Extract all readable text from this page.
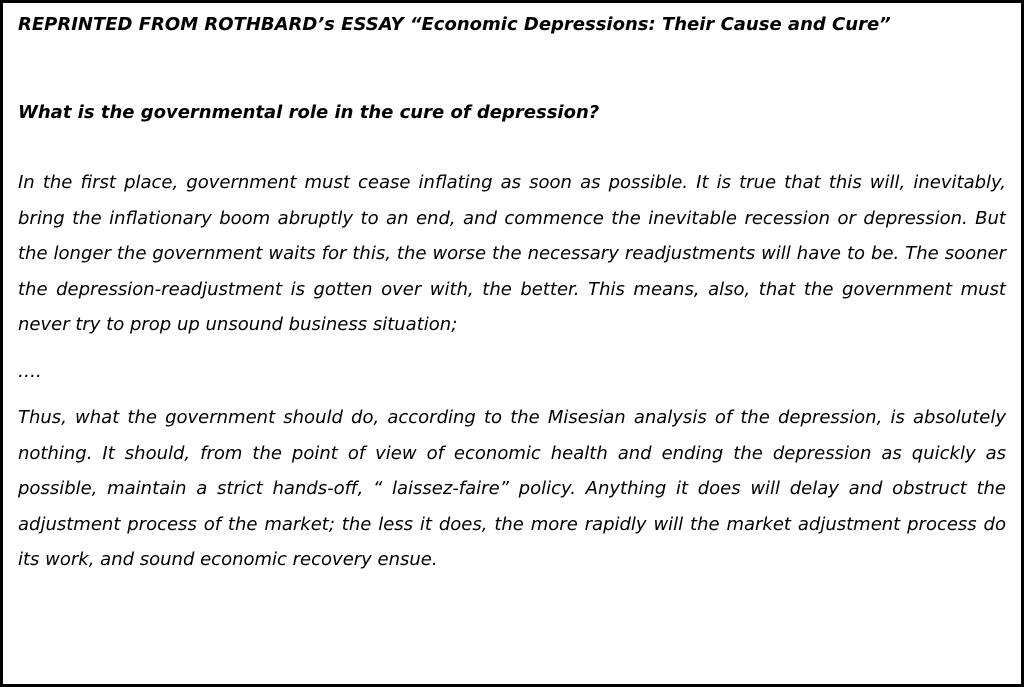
REPRINTED FROM ROTHBARD’s ESSAY “Economic Depressions: Their Cause and Cure”

What is the governmental role in the cure of depression?

In the first place, government must cease inflating as soon as possible. It is true that this will, inevitably, bring the inflationary boom abruptly to an end, and commence the inevitable recession or depression. But the longer the government waits for this, the worse the necessary readjustments will have to be. The sooner the depression-readjustment is gotten over with, the better. This means, also, that the government must never try to prop up unsound business situation;

….

Thus, what the government should do, according to the Misesian analysis of the depression, is absolutely nothing. It should, from the point of view of economic health and ending the depression as quickly as possible, maintain a strict hands-off, “ laissez-faire” policy. Anything it does will delay and obstruct the adjustment process of the market; the less it does, the more rapidly will the market adjustment process do its work, and sound economic recovery ensue.
